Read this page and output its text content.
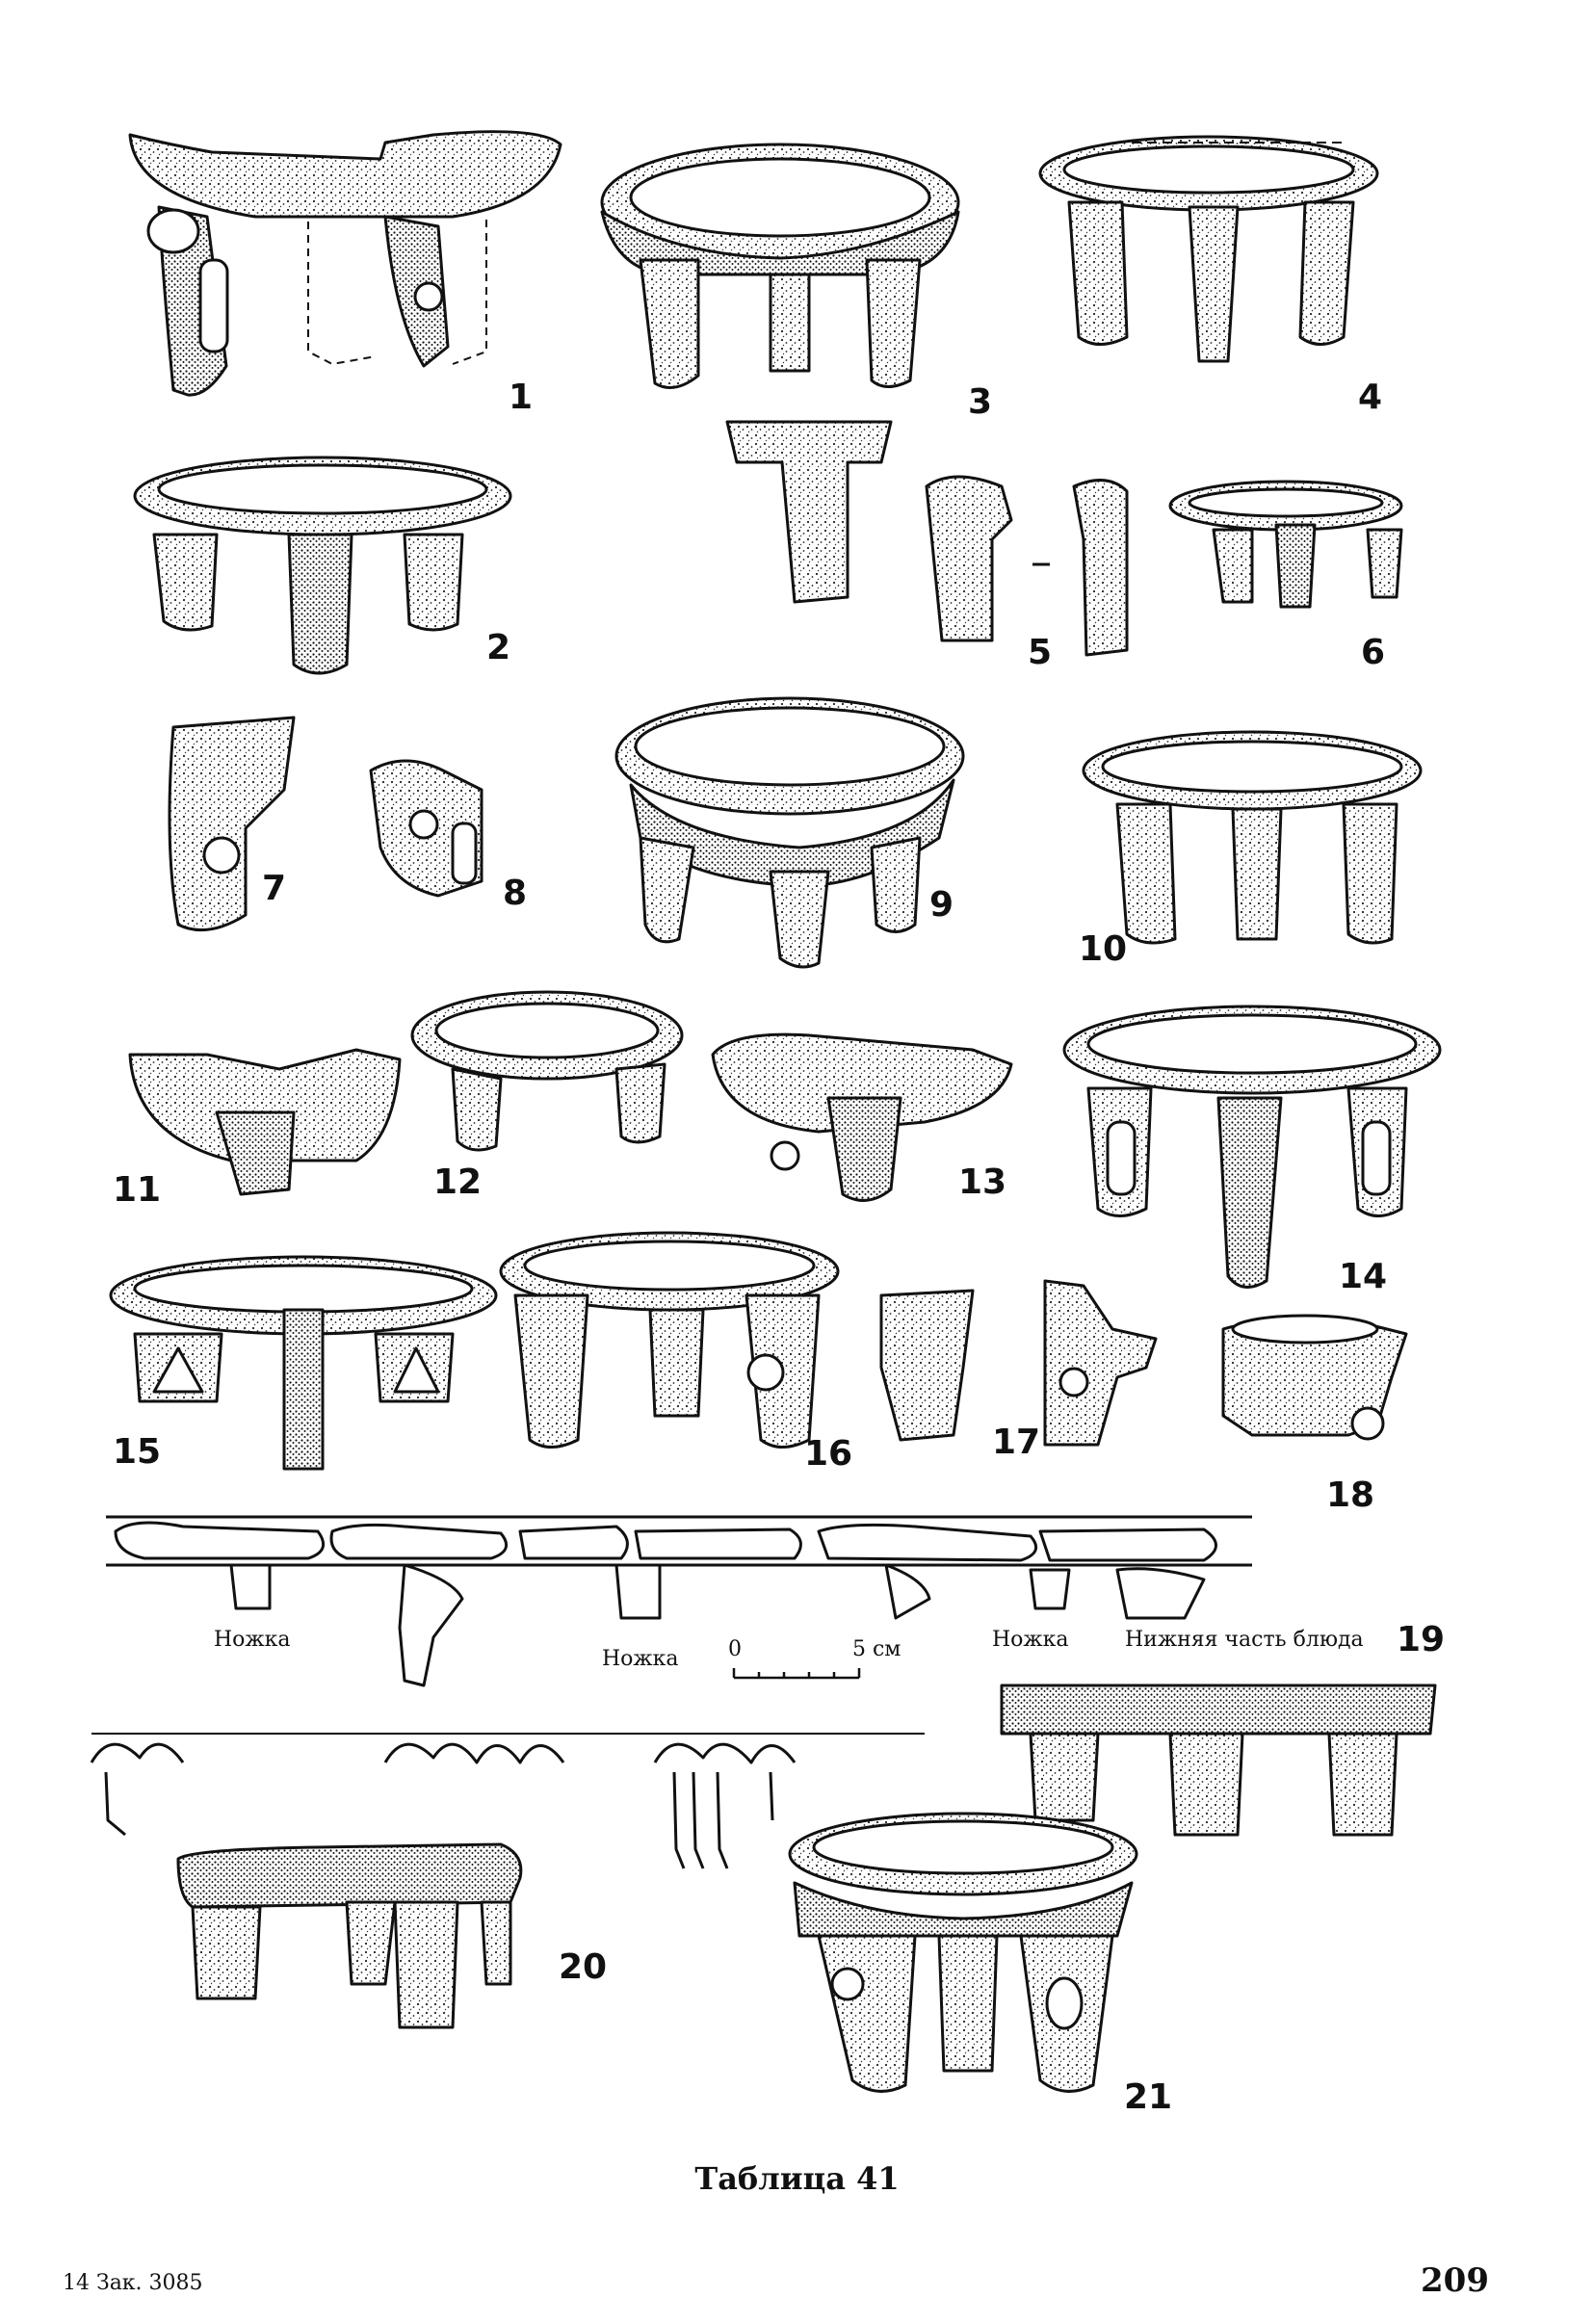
1
2
3	4
5	6
7	8	9
10
11	12	13
14
15	16	17
18
19
20
21
Ножка
Ножка
Ножка	Нижняя часть блюда
0	5 см
Таблица 41
14 Зак. 3085	209
